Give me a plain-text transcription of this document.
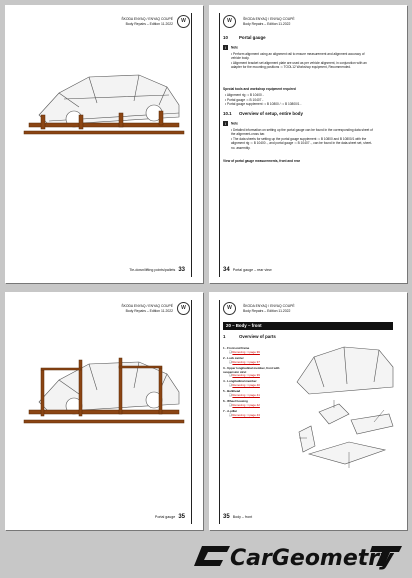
ŠKODA ENYAQ / ENYAQ COUPÉ
Body Repairs – Edition 11.2022	W
Tie-down/lifting points/pallets 33
W	ŠKODA ENYAQ / ENYAQ COUPÉ
Body Repairs – Edition 11.2022
10	Portal gauge
i Note
• Perform alignment using an alignment rail to ensure measurement and alignment accuracy of vehicle body.
• Alignment bracket set alignment plate are used as per vehicle alignment, in conjunction with an adapter for the mounting positions ⇒ TOOL12 Workshop equipment, Recommended.
Special tools and workshop equipment required
• Alignment rig ⇒ B 10400 -
• Portal gauge ⇒ B 10407 -
• Portal gauge supplement ⇒ B 10800 / ⇒ B 10800/1 -
10.1 Overview of setup, entire body
i Note
• Detailed information on setting up the portal gauge can be found in the corresponding data sheet of the alignment-cross bar.
• The data sheets for setting up the portal gauge supplement ⇒ B 10800 and B 10800/1 with the alignment rig ⇒ B 10400 -, and portal gauge ⇒ B 10407 -, can be found in the data-sheet set, sheet-no. assembly.
View of portal gauge measurements, front and rear
34 Portal gauge – rear view
ŠKODA ENYAQ / ENYAQ COUPÉ
Body Repairs – Edition 11.2022	W
Portal gauge 35
W	ŠKODA ENYAQ / ENYAQ COUPÉ
Body Repairs – Edition 11.2022
20 – Body – front
1	Overview of parts
1 - Front end frame
❑ Removing ⇒ page 36
2 - Lock carrier
❑ Removing ⇒ page 37
3 - Upper longitudinal member, front with suspension strut
❑ Removing ⇒ page 39
4 - Longitudinal member
❑ Removing ⇒ page 40
5 - Bulkhead
❑ Removing ⇒ page 41
6 - Wheel housing
❑ Removing ⇒ page 42
7 - A-pillar
❑ Removing ⇒ page 43
35 Body – front
CarGeometry
